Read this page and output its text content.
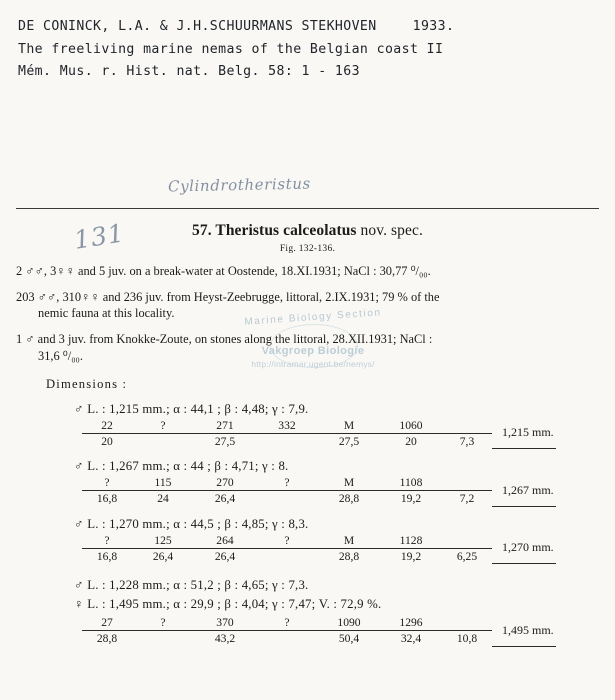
DE CONINCK, L.A. & J.H.SCHUURMANS STEKHOVEN	1933.
The freeliving marine nemas of the Belgian coast II
Mém. Mus. r. Hist. nat. Belg. 58: 1 - 163
Cylindrotheristus
131	57. Theristus calceolatus nov. spec.
Fig. 132-136.
2 ♂♂, 3♀♀ and 5 juv. on a break-water at Oostende, 18.XI.1931; NaCl : 30,77 ⁰/₀₀.
203 ♂♂, 310♀♀ and 236 juv. from Heyst-Zeebrugge, littoral, 2.IX.1931; 79 % of the
nemic fauna at this locality.
1 ♂ and 3 juv. from Knokke-Zoute, on stones along the littoral, 28.XII.1931; NaCl :
31,6 ⁰/₀₀.
Dimensions :
♂ L. : 1,215 mm.; α : 44,1 ; β : 4,48; γ : 7,9.
22	?	271	332	M	1060		1,215 mm.
20		27,5		27,5	20	7,3	
♂ L. : 1,267 mm.; α : 44 ; β : 4,71; γ : 8.
?	115	270	?	M	1108		1,267 mm.
16,8	24	26,4		28,8	19,2	7,2	
♂ L. : 1,270 mm.; α : 44,5 ; β : 4,85; γ : 8,3.
?	125	264	?	M	1128		1,270 mm.
16,8	26,4	26,4		28,8	19,2	6,25	
♂ L. : 1,228 mm.; α : 51,2 ; β : 4,65; γ : 7,3.
♀ L. : 1,495 mm.; α : 29,9 ; β : 4,04; γ : 7,47; V. : 72,9 %.
27	?	370	?	1090	1296		1,495 mm.
28,8		43,2		50,4	32,4	10,8	
Marine Biology Section
Vakgroep Biologie
http://intramar.ugent.be/nemys/
